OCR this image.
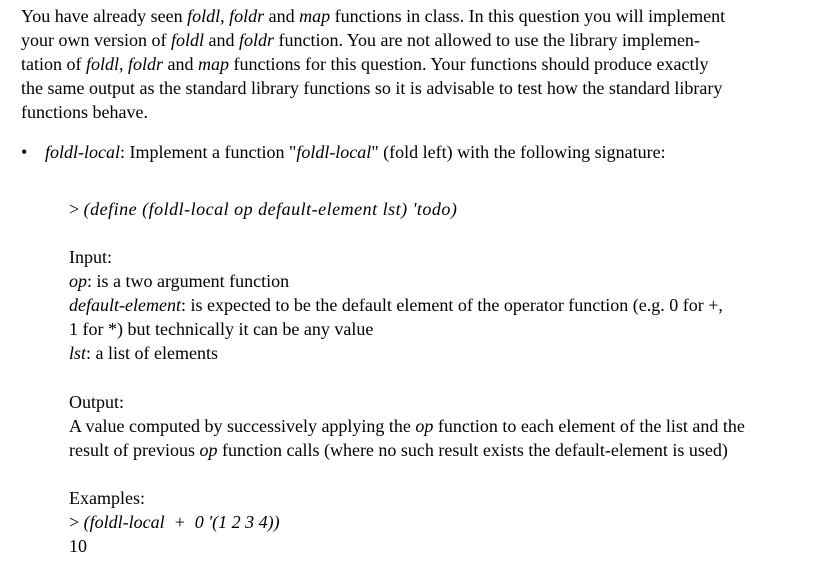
You have already seen foldl, foldr and map functions in class. In this question you will implement
your own version of foldl and foldr function. You are not allowed to use the library implemen-
tation of foldl, foldr and map functions for this question. Your functions should produce exactly
the same output as the standard library functions so it is advisable to test how the standard library
functions behave.
• foldl-local: Implement a function "foldl-local" (fold left) with the following signature:
> (define (foldl-local op default-element lst) 'todo)
Input:
op: is a two argument function
default-element: is expected to be the default element of the operator function (e.g. 0 for +,
1 for *) but technically it can be any value
lst: a list of elements
Output:
A value computed by successively applying the op function to each element of the list and the
result of previous op function calls (where no such result exists the default-element is used)
Examples:
> (foldl-local  +  0 '(1 2 3 4))
10
